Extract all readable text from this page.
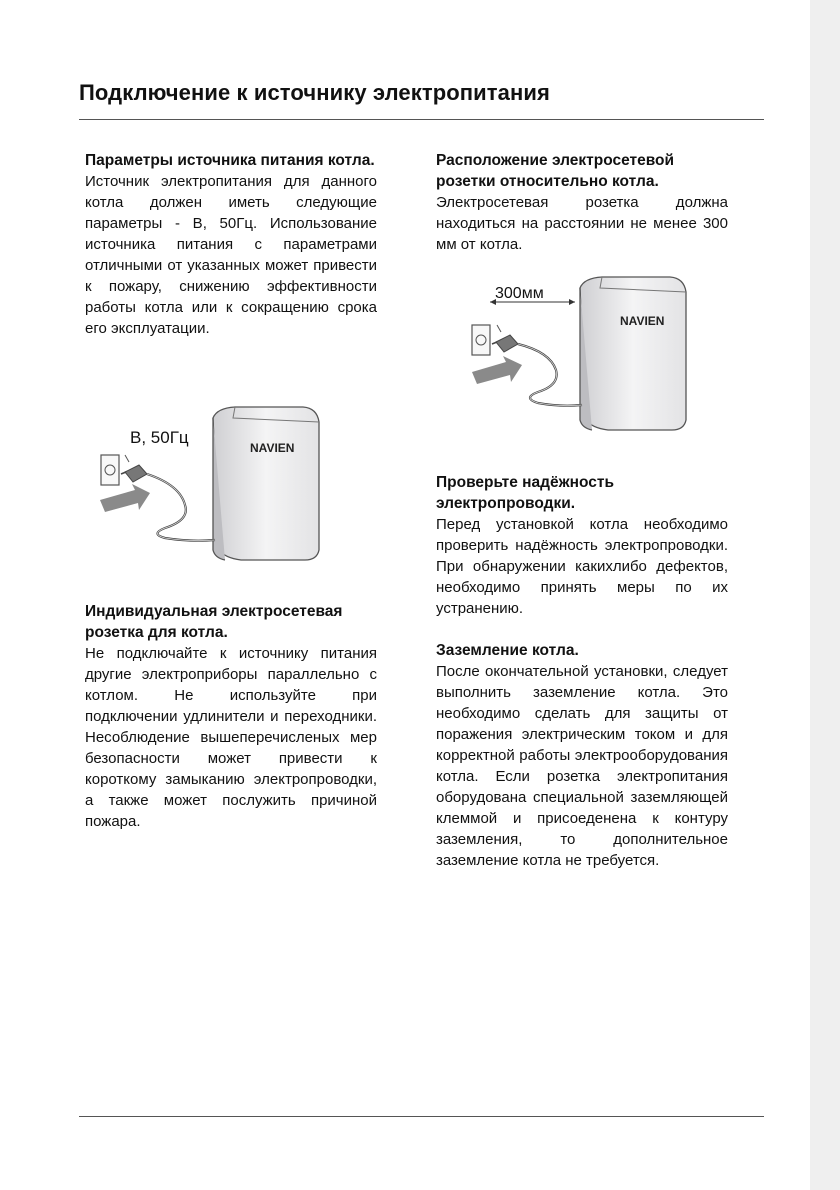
Подключение к источнику электропитания
Параметры источника питания котла.

Источник электропитания для данного котла должен иметь следующие параметры - В, 50Гц. Использование источника питания с параметрами отличными от указанных может привести к пожару, снижению эффективности работы котла или к сокращению срока его эксплуатации.

NAVIEN
В, 50Гц
Индивидуальная электросетевая розетка для котла.

Не подключайте к источнику питания другие электроприборы параллельно с котлом. Не используйте при подключении удлинители и переходники. Несоблюдение вышеперечисленых мер безопасности может привести к короткому замыканию электропроводки, а также может послужить причиной пожара.

Расположение электросетевой розетки относительно котла.

Электросетевая розетка должна находиться на расстоянии не менее 300 мм от котла.

NAVIEN
300мм
Проверьте надёжность электропроводки.

Перед установкой котла необходимо проверить надёжность электропроводки. При обнаружении какихлибо дефектов, необходимо принять меры по их устранению.

Заземление котла.

После окончательной установки, следует выполнить заземление котла. Это необходимо сделать для защиты от поражения электрическим током и для корректной работы электрооборудования котла. Если розетка электропитания оборудована специальной заземляющей клеммой и присоеденена к контуру заземления, то дополнительное заземление котла не требуется.
